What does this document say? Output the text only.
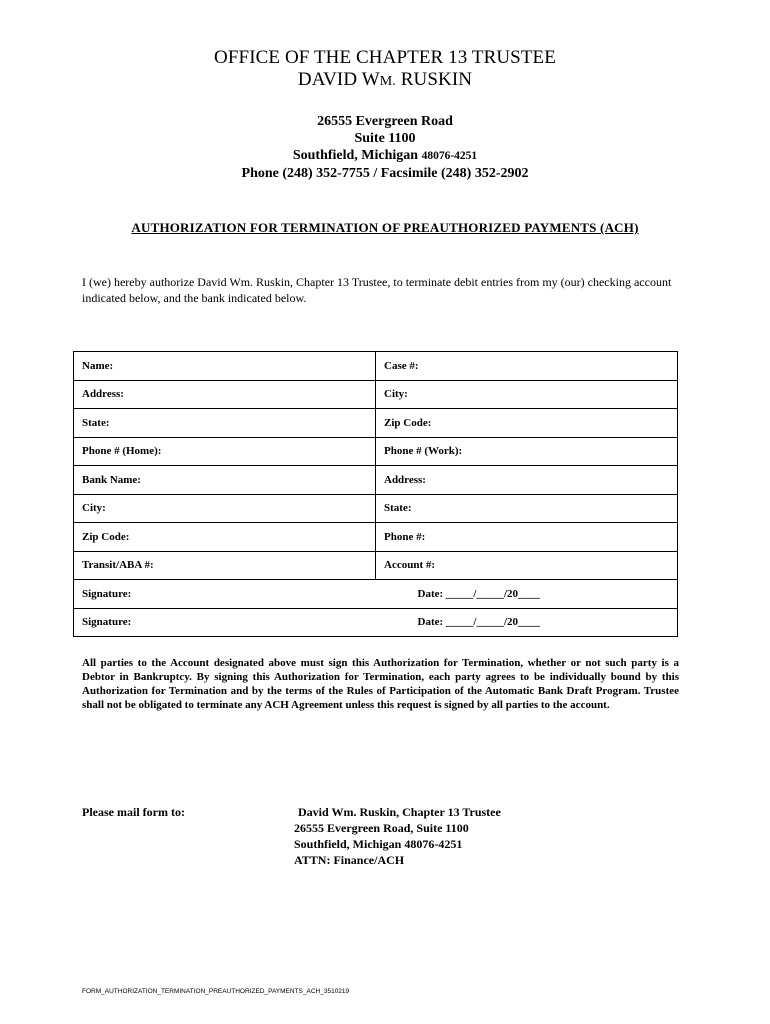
OFFICE OF THE CHAPTER 13 TRUSTEE
DAVID WM. RUSKIN
26555 Evergreen Road
Suite 1100
Southfield, Michigan 48076-4251
Phone (248) 352-7755 / Facsimile (248) 352-2902
AUTHORIZATION FOR TERMINATION OF PREAUTHORIZED PAYMENTS (ACH)
I (we) hereby authorize David Wm. Ruskin, Chapter 13 Trustee, to terminate debit entries from my (our) checking account indicated below, and the bank indicated below.
Name:	Case #:
Address:	City:
State:	Zip Code:
Phone # (Home):	Phone # (Work):
Bank Name:	Address:
City:	State:
Zip Code:	Phone #:
Transit/ABA #:	Account #:
Signature:	Date: _____/_____/20____
Signature:	Date: _____/_____/20____
All parties to the Account designated above must sign this Authorization for Termination, whether or not such party is a Debtor in Bankruptcy. By signing this Authorization for Termination, each party agrees to be individually bound by this Authorization for Termination and by the terms of the Rules of Participation of the Automatic Bank Draft Program. Trustee shall not be obligated to terminate any ACH Agreement unless this request is signed by all parties to the account.
Please mail form to:	David Wm. Ruskin, Chapter 13 Trustee
26555 Evergreen Road, Suite 1100
Southfield, Michigan 48076-4251
ATTN: Finance/ACH
FORM_AUTHORIZATION_TERMINATION_PREAUTHORIZED_PAYMENTS_ACH_3510219
